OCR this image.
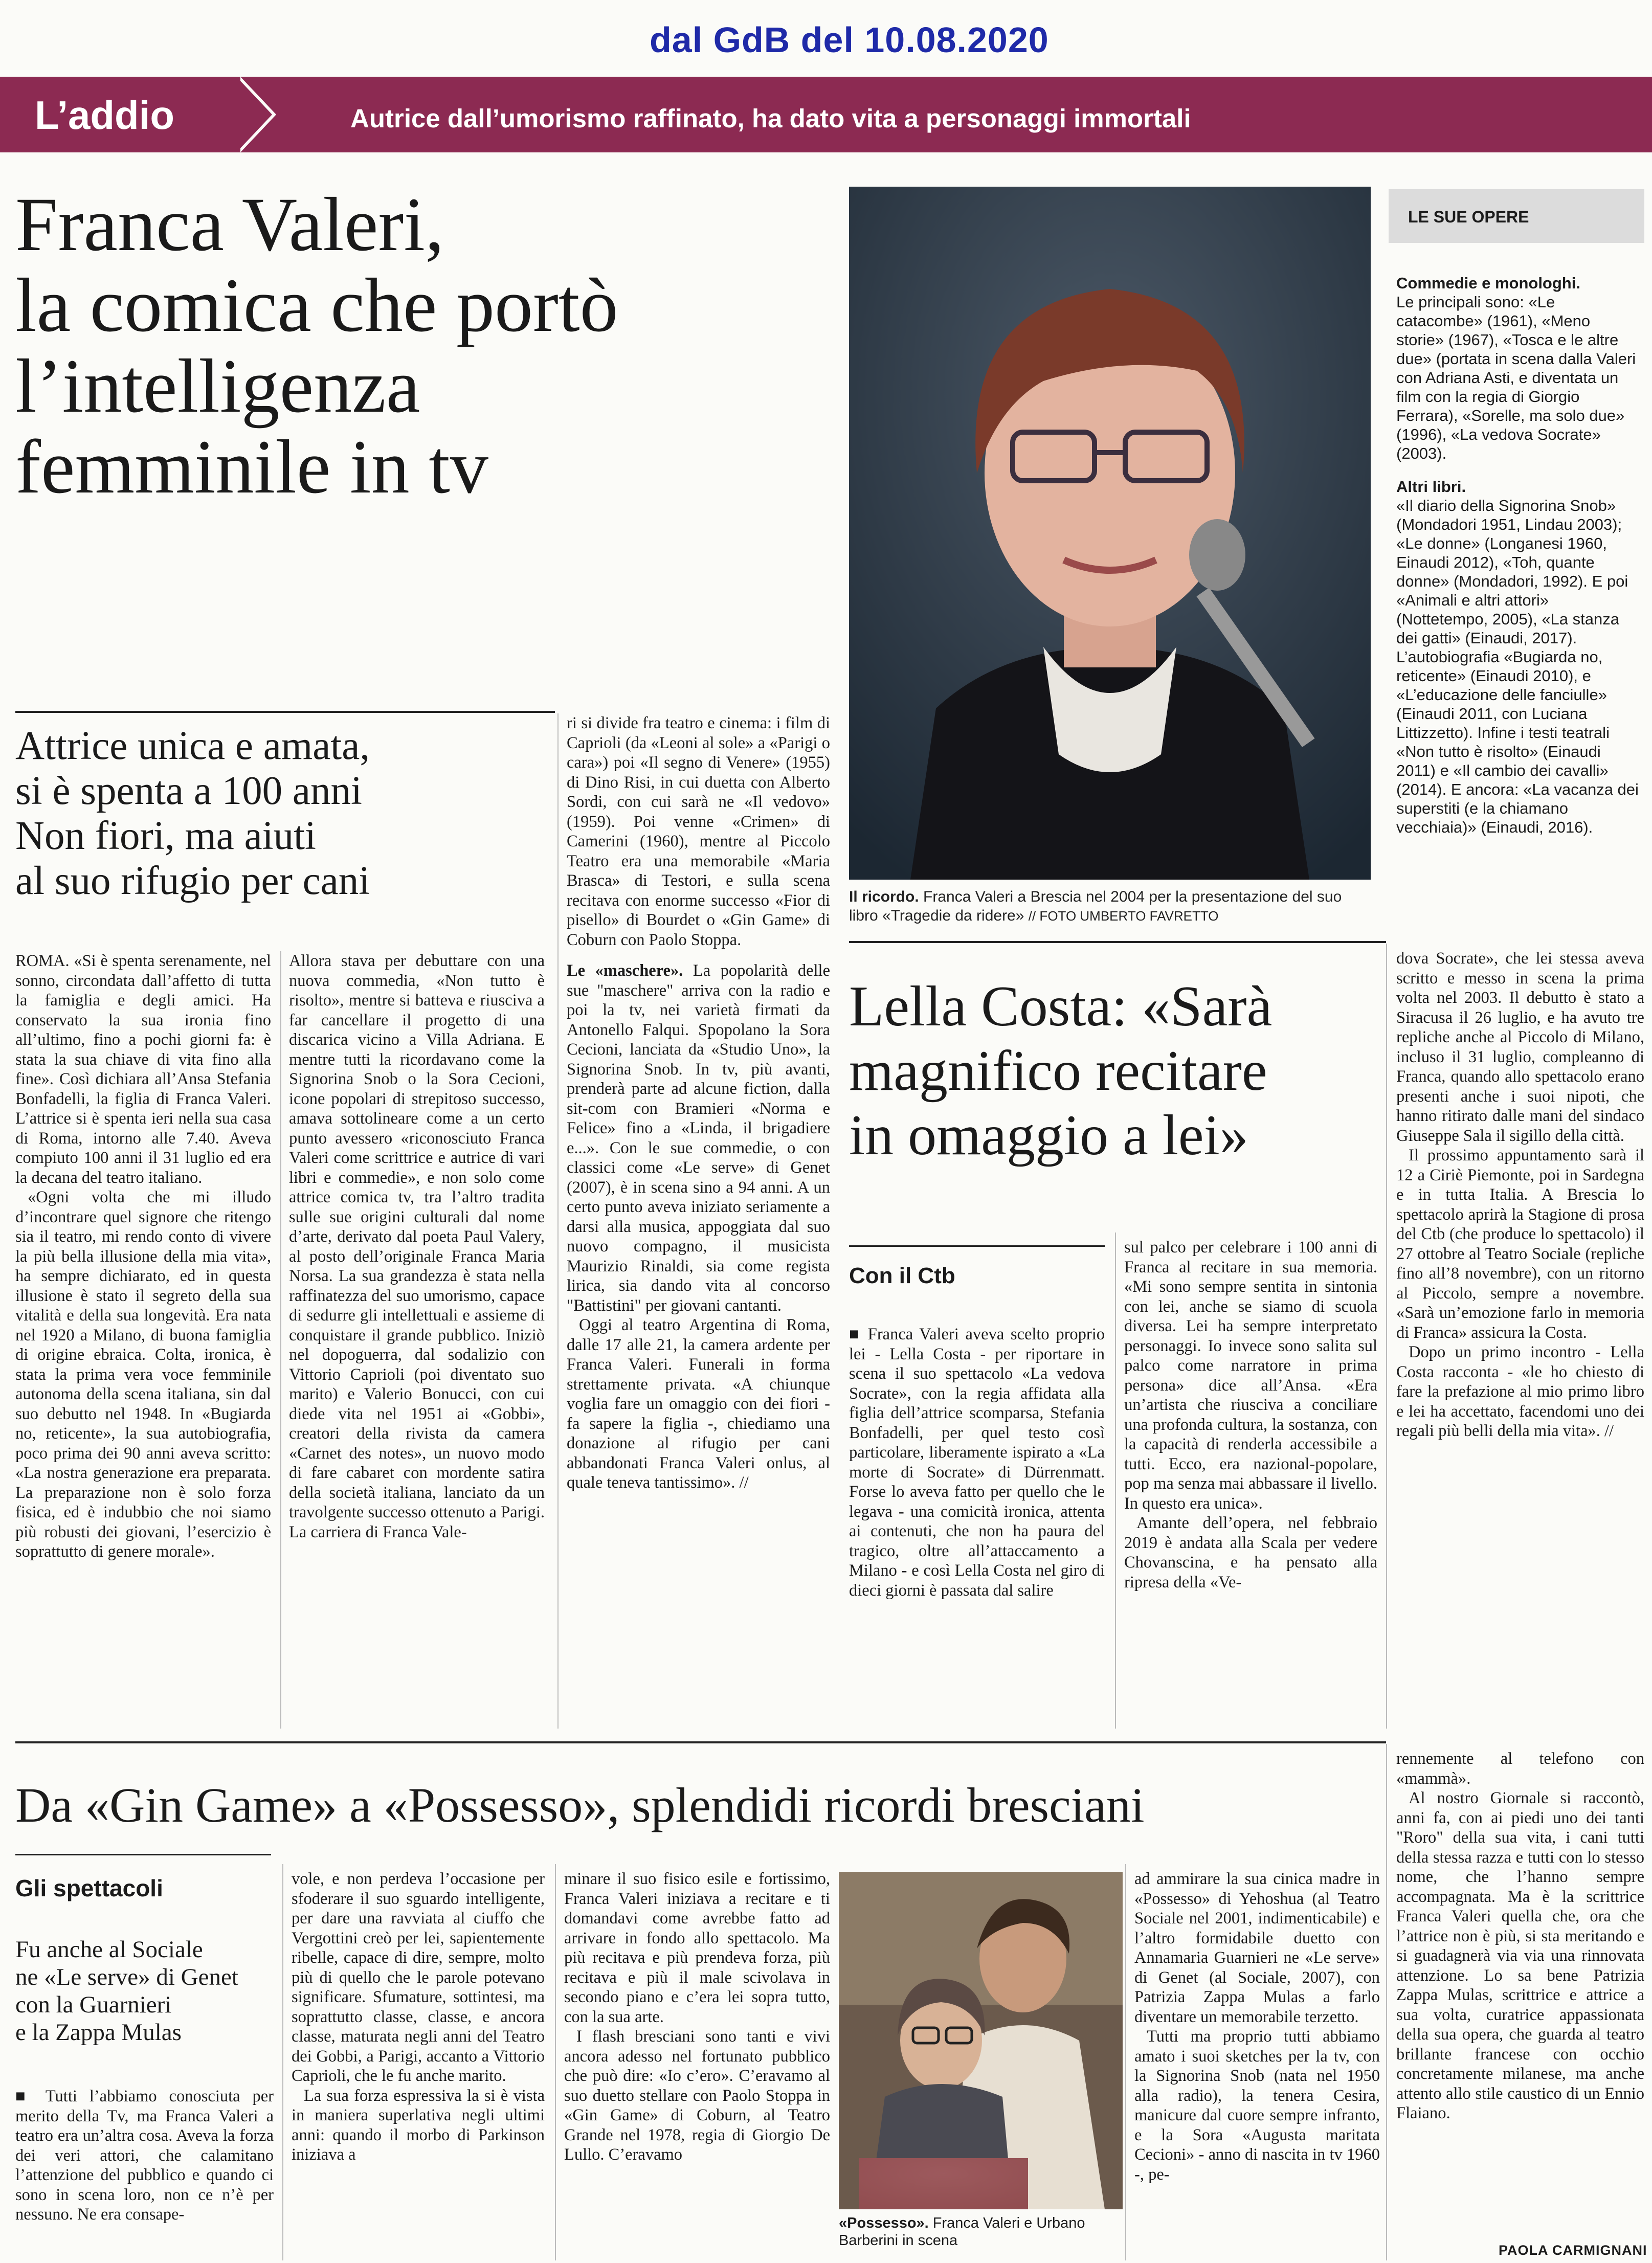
dal GdB del 10.08.2020
L’addio	Autrice dall’umorismo raffinato, ha dato vita a personaggi immortali
Franca Valeri,
la comica che portò
l’intelligenza
femminile in tv
Il ricordo. Franca Valeri a Brescia nel 2004 per la presentazione del suo libro «Tragedie da ridere» // FOTO UMBERTO FAVRETTO
LE SUE OPERE

Commedie e monologhi.

Le principali sono: «Le catacombe» (1961), «Meno storie» (1967), «Tosca e le altre due» (portata in scena dalla Valeri con Adriana Asti, e diventata un film con la regia di Giorgio Ferrara), «Sorelle, ma solo due» (1996), «La vedova Socrate» (2003).

Altri libri.

«Il diario della Signorina Snob» (Mondadori 1951, Lindau 2003); «Le donne» (Longanesi 1960, Einaudi 2012), «Toh, quante donne» (Mondadori, 1992). E poi «Animali e altri attori» (Nottetempo, 2005), «La stanza dei gatti» (Einaudi, 2017). L’autobiografia «Bugiarda no, reticente» (Einaudi 2010), e «L’educazione delle fanciulle» (Einaudi 2011, con Luciana Littizzetto). Infine i testi teatrali «Non tutto è risolto» (Einaudi 2011) e «Il cambio dei cavalli» (2014). E ancora: «La vacanza dei superstiti (e la chiamano vecchiaia)» (Einaudi, 2016).

Attrice unica e amata,
si è spenta a 100 anni
Non fiori, ma aiuti
al suo rifugio per cani

ROMA. «Si è spenta serenamente, nel sonno, circondata dall’affetto di tutta la famiglia e degli amici. Ha conservato la sua ironia fino all’ultimo, fino a pochi giorni fa: è stata la sua chiave di vita fino alla fine». Così dichiara all’Ansa Stefania Bonfadelli, la figlia di Franca Valeri. L’attrice si è spenta ieri nella sua casa di Roma, intorno alle 7.40. Aveva compiuto 100 anni il 31 luglio ed era la decana del teatro italiano.

«Ogni volta che mi illudo d’incontrare quel signore che ritengo sia il teatro, mi rendo conto di vivere la più bella illusione della mia vita», ha sempre dichiarato, ed in questa illusione è stato il segreto della sua vitalità e della sua longevità. Era nata nel 1920 a Milano, di buona famiglia di origine ebraica. Colta, ironica, è stata la prima vera voce femminile autonoma della scena italiana, sin dal suo debutto nel 1948. In «Bugiarda no, reticente», la sua autobiografia, poco prima dei 90 anni aveva scritto: «La nostra generazione era preparata. La preparazione non è solo forza fisica, ed è indubbio che noi siamo più robusti dei giovani, l’esercizio è soprattutto di genere morale».

Allora stava per debuttare con una nuova commedia, «Non tutto è risolto», mentre si batteva e riusciva a far cancellare il progetto di una discarica vicino a Villa Adriana. E mentre tutti la ricordavano come la Signorina Snob o la Sora Cecioni, icone popolari di strepitoso successo, amava sottolineare come a un certo punto avessero «riconosciuto Franca Valeri come scrittrice e autrice di vari libri e commedie», e non solo come attrice comica tv, tra l’altro tradita sulle sue origini culturali dal nome d’arte, derivato dal poeta Paul Valery, al posto dell’originale Franca Maria Norsa. La sua grandezza è stata nella raffinatezza del suo umorismo, capace di sedurre gli intellettuali e assieme di conquistare il grande pubblico. Iniziò nel dopoguerra, dal sodalizio con Vittorio Caprioli (poi diventato suo marito) e Valerio Bonucci, con cui diede vita nel 1951 ai «Gobbi», creatori della rivista da camera «Carnet des notes», un nuovo modo di fare cabaret con mordente satira della società italiana, lanciato da un travolgente successo ottenuto a Parigi. La carriera di Franca Vale-

ri si divide fra teatro e cinema: i film di Caprioli (da «Leoni al sole» a «Parigi o cara») poi «Il segno di Venere» (1955) di Dino Risi, in cui duetta con Alberto Sordi, con cui sarà ne «Il vedovo» (1959). Poi venne «Crimen» di Camerini (1960), mentre al Piccolo Teatro era una memorabile «Maria Brasca» di Testori, e sulla scena recitava con enorme successo «Fior di pisello» di Bourdet o «Gin Game» di Coburn con Paolo Stoppa.

Le «maschere». La popolarità delle sue "maschere" arriva con la radio e poi la tv, nei varietà firmati da Antonello Falqui. Spopolano la Sora Cecioni, lanciata da «Studio Uno», la Signorina Snob. In tv, più avanti, prenderà parte ad alcune fiction, dalla sit-com con Bramieri «Norma e Felice» fino a «Linda, il brigadiere e...». Con le sue commedie, o con classici come «Le serve» di Genet (2007), è in scena sino a 94 anni. A un certo punto aveva iniziato seriamente a darsi alla musica, appoggiata dal suo nuovo compagno, il musicista Maurizio Rinaldi, sia come regista lirica, sia dando vita al concorso "Battistini" per giovani cantanti.

Oggi al teatro Argentina di Roma, dalle 17 alle 21, la camera ardente per Franca Valeri. Funerali in forma strettamente privata. «A chiunque voglia fare un omaggio con dei fiori - fa sapere la figlia -, chiediamo una donazione al rifugio per cani abbandonati Franca Valeri onlus, al quale teneva tantissimo». //

Lella Costa: «Sarà
magnifico recitare
in omaggio a lei»
Con il Ctb

■ Franca Valeri aveva scelto proprio lei - Lella Costa - per riportare in scena il suo spettacolo «La vedova Socrate», con la regia affidata alla figlia dell’attrice scomparsa, Stefania Bonfadelli, per quel testo così particolare, liberamente ispirato a «La morte di Socrate» di Dürrenmatt. Forse lo aveva fatto per quello che le legava - una comicità ironica, attenta ai contenuti, che non ha paura del tragico, oltre all’attaccamento a Milano - e così Lella Costa nel giro di dieci giorni è passata dal salire

sul palco per celebrare i 100 anni di Franca al recitare in sua memoria. «Mi sono sempre sentita in sintonia con lei, anche se siamo di scuola diversa. Lei ha sempre interpretato personaggi. Io invece sono salita sul palco come narratore in prima persona» dice all’Ansa. «Era un’artista che riusciva a conciliare una profonda cultura, la sostanza, con la capacità di renderla accessibile a tutti. Ecco, era nazional-popolare, pop ma senza mai abbassare il livello. In questo era unica».

Amante dell’opera, nel febbraio 2019 è andata alla Scala per vedere Chovanscina, e ha pensato alla ripresa della «Ve-

dova Socrate», che lei stessa aveva scritto e messo in scena la prima volta nel 2003. Il debutto è stato a Siracusa il 26 luglio, e ha avuto tre repliche anche al Piccolo di Milano, incluso il 31 luglio, compleanno di Franca, quando allo spettacolo erano presenti anche i suoi nipoti, che hanno ritirato dalle mani del sindaco Giuseppe Sala il sigillo della città.

Il prossimo appuntamento sarà il 12 a Ciriè Piemonte, poi in Sardegna e in tutta Italia. A Brescia lo spettacolo aprirà la Stagione di prosa del Ctb (che produce lo spettacolo) il 27 ottobre al Teatro Sociale (repliche fino all’8 novembre), con un ritorno al Piccolo, sempre a novembre. «Sarà un’emozione farlo in memoria di Franca» assicura la Costa.

Dopo un primo incontro - Lella Costa racconta - «le ho chiesto di fare la prefazione al mio primo libro e lei ha accettato, facendomi uno dei regali più belli della mia vita». //

Da «Gin Game» a «Possesso», splendidi ricordi bresciani
Gli spettacoli
Fu anche al Sociale
ne «Le serve» di Genet
con la Guarnieri
e la Zappa Mulas

■ Tutti l’abbiamo conosciuta per merito della Tv, ma Franca Valeri a teatro era un’altra cosa. Aveva la forza dei veri attori, che calamitano l’attenzione del pubblico e quando ci sono in scena loro, non ce n’è per nessuno. Ne era consape-

vole, e non perdeva l’occasione per sfoderare il suo sguardo intelligente, per dare una ravviata al ciuffo che Vergottini creò per lei, sapientemente ribelle, capace di dire, sempre, molto più di quello che le parole potevano significare. Sfumature, sottintesi, ma soprattutto classe, classe, e ancora classe, maturata negli anni del Teatro dei Gobbi, a Parigi, accanto a Vittorio Caprioli, che le fu anche marito.

La sua forza espressiva la si è vista in maniera superlativa negli ultimi anni: quando il morbo di Parkinson iniziava a

minare il suo fisico esile e fortissimo, Franca Valeri iniziava a recitare e ti domandavi come avrebbe fatto ad arrivare in fondo allo spettacolo. Ma più recitava e più prendeva forza, più recitava e più il male scivolava in secondo piano e c’era lei sopra tutto, con la sua arte.

I flash bresciani sono tanti e vivi ancora adesso nel fortunato pubblico che può dire: «Io c’ero». C’eravamo al suo duetto stellare con Paolo Stoppa in «Gin Game» di Coburn, al Teatro Grande nel 1978, regia di Giorgio De Lullo. C’eravamo

«Possesso». Franca Valeri e Urbano Barberini in scena

ad ammirare la sua cinica madre in «Possesso» di Yehoshua (al Teatro Sociale nel 2001, indimenticabile) e l’altro formidabile duetto con Annamaria Guarnieri ne «Le serve» di Genet (al Sociale, 2007), con Patrizia Zappa Mulas a farlo diventare un memorabile terzetto.

Tutti ma proprio tutti abbiamo amato i suoi sketches per la tv, con la Signorina Snob (nata nel 1950 alla radio), la tenera Cesira, manicure dal cuore sempre infranto, e la Sora «Augusta maritata Cecioni» - anno di nascita in tv 1960 -, pe-

rennemente al telefono con «mammà».

Al nostro Giornale si raccontò, anni fa, con ai piedi uno dei tanti "Roro" della sua vita, i cani tutti della stessa razza e tutti con lo stesso nome, che l’hanno sempre accompagnata. Ma è la scrittrice Franca Valeri quella che, ora che l’attrice non è più, si sta meritando e si guadagnerà via via una rinnovata attenzione. Lo sa bene Patrizia Zappa Mulas, scrittrice e attrice a sua volta, curatrice appassionata della sua opera, che guarda al teatro brillante francese con occhio concretamente milanese, ma anche attento allo stile caustico di un Ennio Flaiano.

PAOLA CARMIGNANI
